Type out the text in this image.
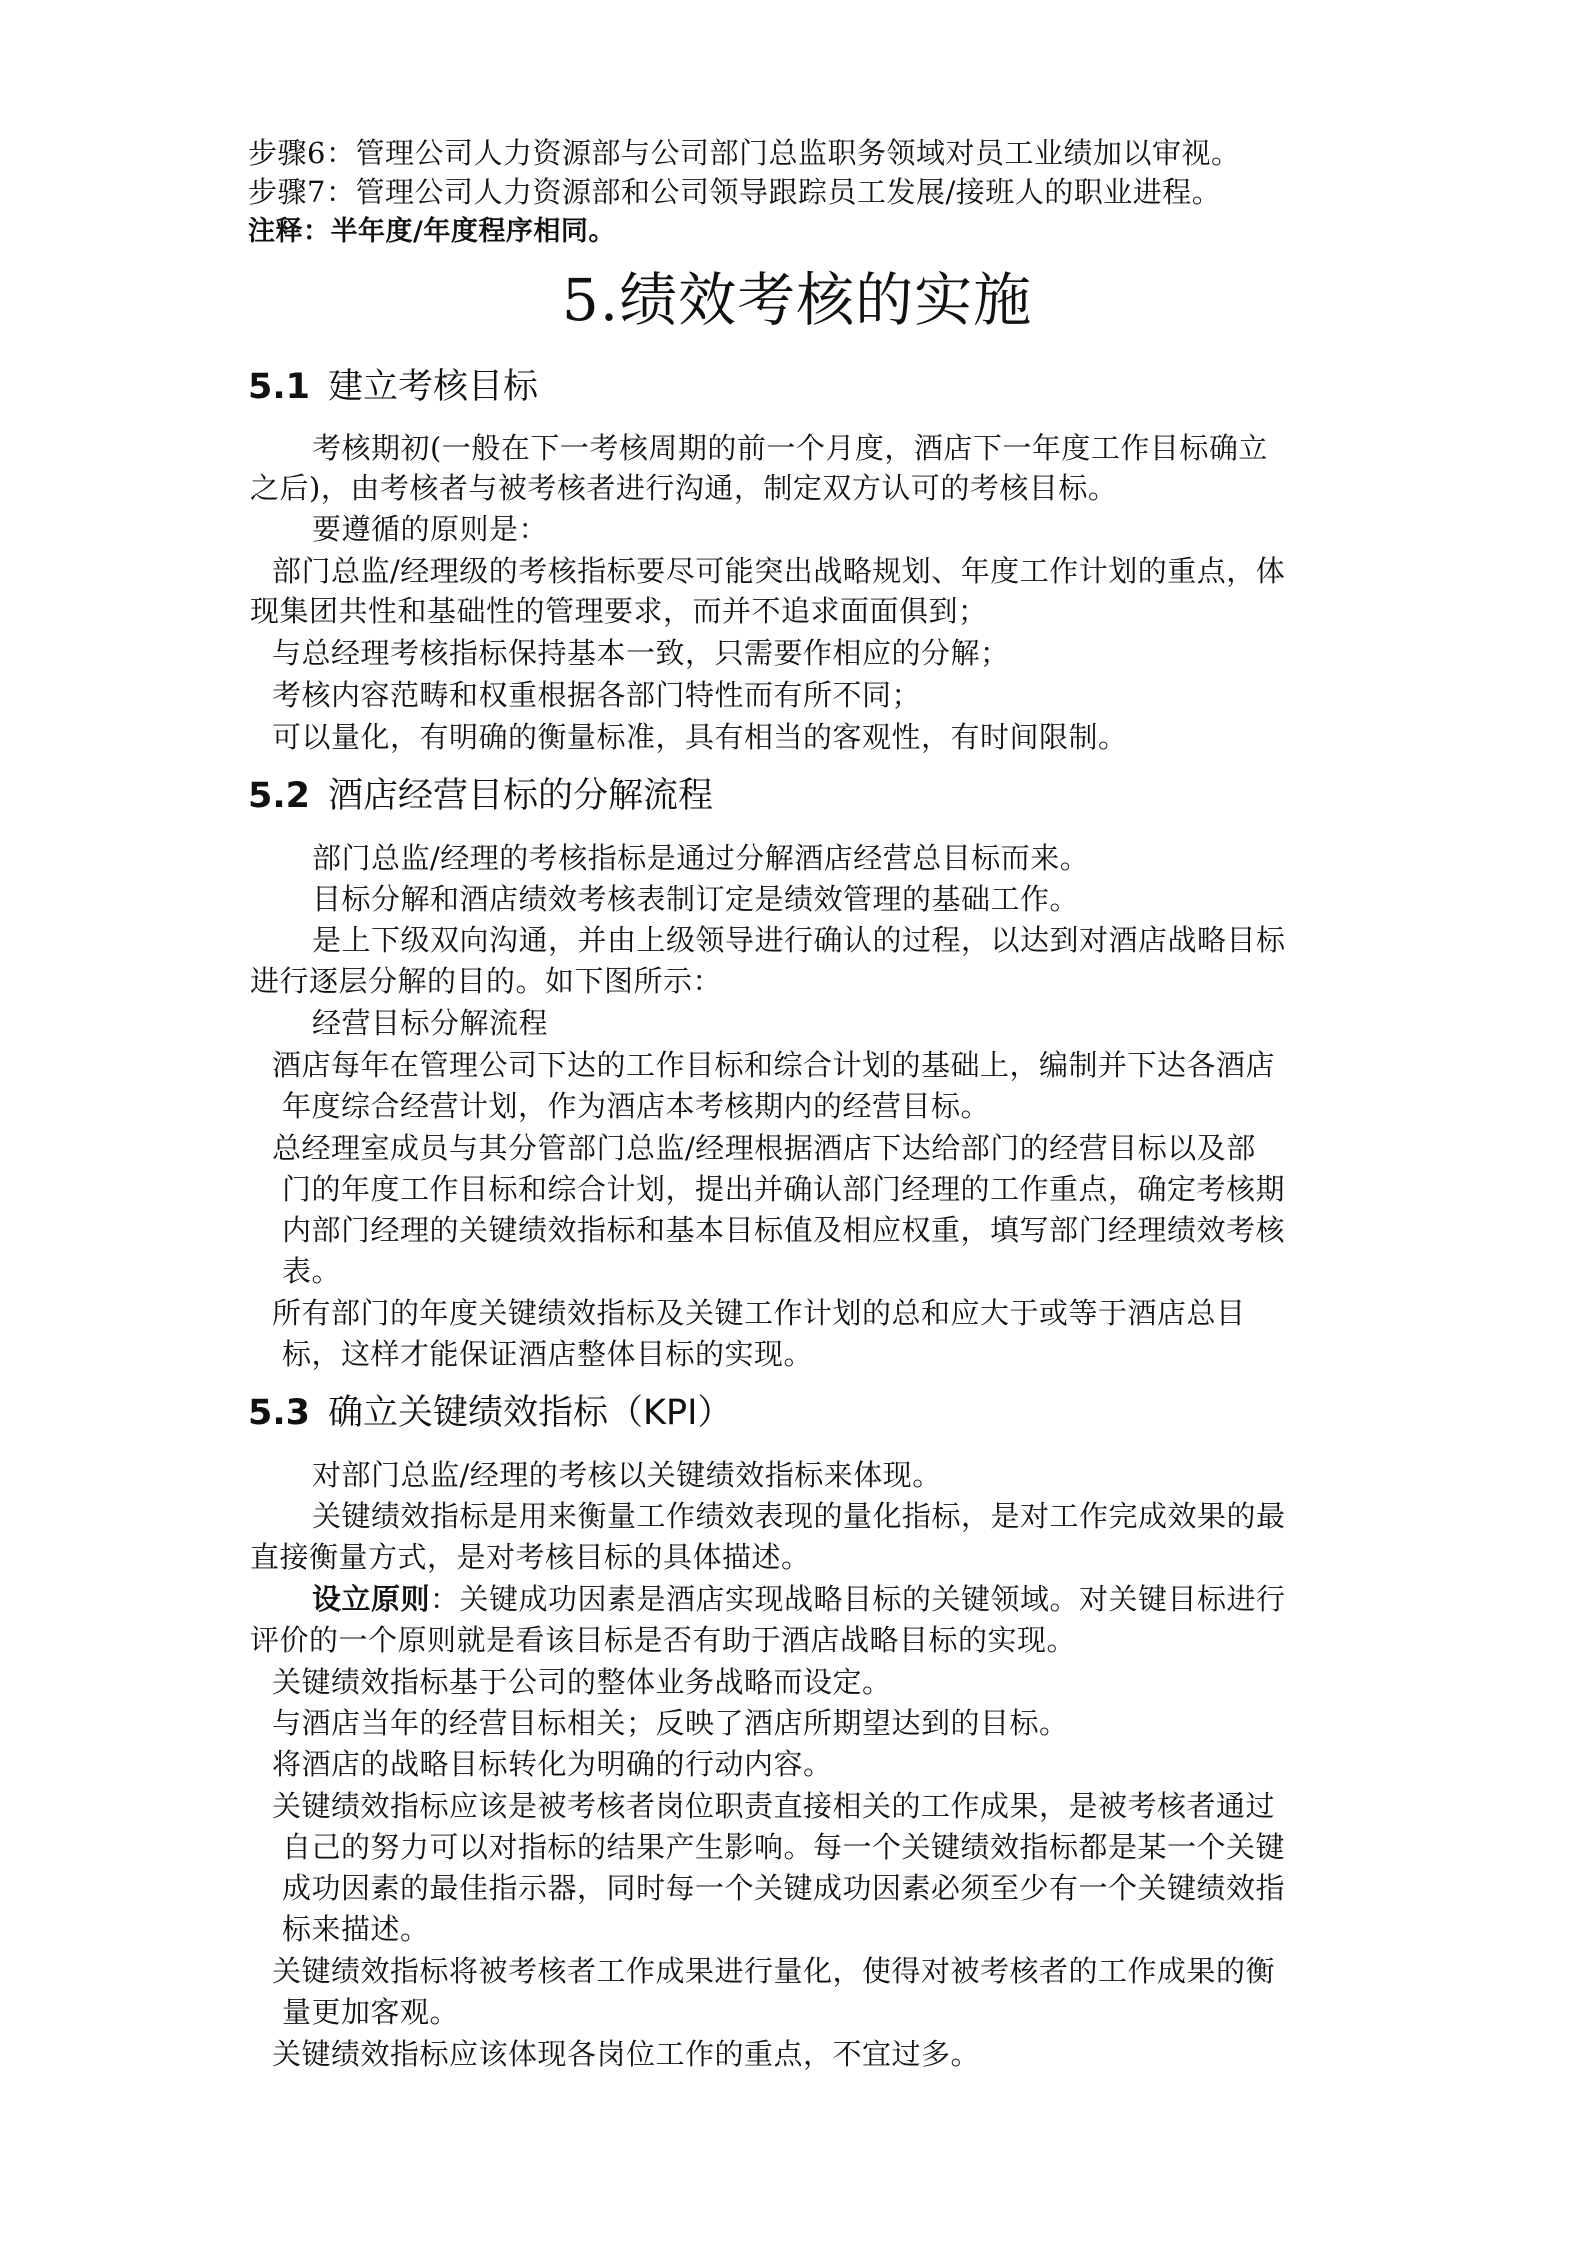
步骤6：管理公司人力资源部与公司部门总监职务领域对员工业绩加以审视。
步骤7：管理公司人力资源部和公司领导跟踪员工发展/接班人的职业进程。
注释：半年度/年度程序相同。
5.绩效考核的实施
5.1 建立考核目标
考核期初(一般在下一考核周期的前一个月度，酒店下一年度工作目标确立
之后)，由考核者与被考核者进行沟通，制定双方认可的考核目标。
要遵循的原则是：
部门总监/经理级的考核指标要尽可能突出战略规划、年度工作计划的重点，体
现集团共性和基础性的管理要求，而并不追求面面俱到；
与总经理考核指标保持基本一致，只需要作相应的分解；
考核内容范畴和权重根据各部门特性而有所不同；
可以量化，有明确的衡量标准，具有相当的客观性，有时间限制。
5.2 酒店经营目标的分解流程
部门总监/经理的考核指标是通过分解酒店经营总目标而来。
目标分解和酒店绩效考核表制订定是绩效管理的基础工作。
是上下级双向沟通，并由上级领导进行确认的过程，以达到对酒店战略目标
进行逐层分解的目的。如下图所示：
经营目标分解流程
酒店每年在管理公司下达的工作目标和综合计划的基础上，编制并下达各酒店
年度综合经营计划，作为酒店本考核期内的经营目标。
总经理室成员与其分管部门总监/经理根据酒店下达给部门的经营目标以及部
门的年度工作目标和综合计划，提出并确认部门经理的工作重点，确定考核期
内部门经理的关键绩效指标和基本目标值及相应权重，填写部门经理绩效考核
表。
所有部门的年度关键绩效指标及关键工作计划的总和应大于或等于酒店总目
标，这样才能保证酒店整体目标的实现。
5.3 确立关键绩效指标（KPI）
对部门总监/经理的考核以关键绩效指标来体现。
关键绩效指标是用来衡量工作绩效表现的量化指标，是对工作完成效果的最
直接衡量方式，是对考核目标的具体描述。
设立原则：关键成功因素是酒店实现战略目标的关键领域。对关键目标进行
评价的一个原则就是看该目标是否有助于酒店战略目标的实现。
关键绩效指标基于公司的整体业务战略而设定。
与酒店当年的经营目标相关；反映了酒店所期望达到的目标。
将酒店的战略目标转化为明确的行动内容。
关键绩效指标应该是被考核者岗位职责直接相关的工作成果，是被考核者通过
自己的努力可以对指标的结果产生影响。每一个关键绩效指标都是某一个关键
成功因素的最佳指示器，同时每一个关键成功因素必须至少有一个关键绩效指
标来描述。
关键绩效指标将被考核者工作成果进行量化，使得对被考核者的工作成果的衡
量更加客观。
关键绩效指标应该体现各岗位工作的重点，不宜过多。
